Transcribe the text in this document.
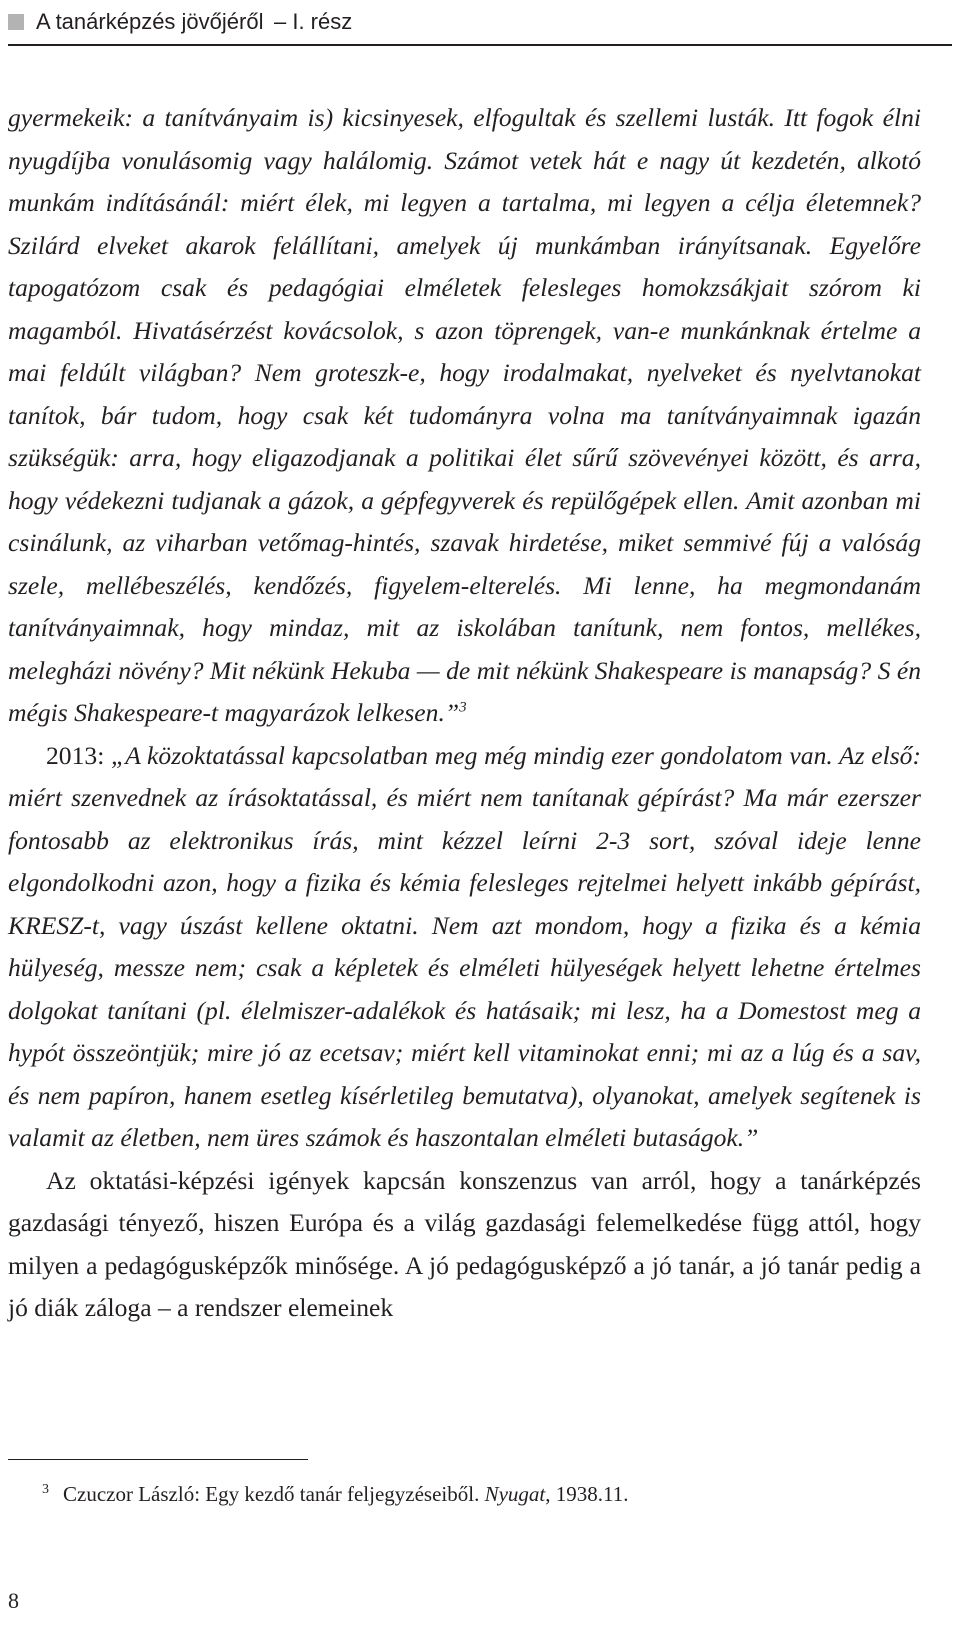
A tanárképzés jövőjéről  – I. rész

gyermekeik: a tanítványaim is) kicsinyesek, elfogultak és szellemi lusták. Itt fogok élni nyugdíjba vonulásomig vagy halálomig. Számot vetek hát e nagy út kezdetén, alkotó munkám indításánál: miért élek, mi legyen a tartalma, mi legyen a célja életemnek? Szilárd elveket akarok felállítani, amelyek új munkámban irányítsanak. Egyelőre tapogatózom csak és pedagógiai elméletek felesleges homokzsákjait szórom ki magamból. Hivatásérzést kovácsolok, s azon töprengek, van-e munkánknak értelme a mai feldúlt világban? Nem groteszk-e, hogy irodalmakat, nyelveket és nyelvtanokat tanítok, bár tudom, hogy csak két tudományra volna ma tanítványaimnak igazán szükségük: arra, hogy eligazodjanak a politikai élet sűrű szövevényei között, és arra, hogy védekezni tudjanak a gázok, a gépfegyverek és repülőgépek ellen. Amit azonban mi csinálunk, az viharban vetőmag-hintés, szavak hirdetése, miket semmivé fúj a valóság szele, mellébeszélés, kendőzés, figyelem-elterelés. Mi lenne, ha megmondanám tanítványaimnak, hogy mindaz, mit az iskolában tanítunk, nem fontos, mellékes, melegházi növény? Mit nékünk Hekuba — de mit nékünk Shakespeare is manapság? S én mégis Shakespeare-t magyarázok lelkesen.”$^3$

2013: „A közoktatással kapcsolatban meg még mindig ezer gondolatom van. Az első: miért szenvednek az írásoktatással, és miért nem tanítanak gépírást? Ma már ezerszer fontosabb az elektronikus írás, mint kézzel leírni 2-3 sort, szóval ideje lenne elgondolkodni azon, hogy a fizika és kémia felesleges rejtelmei helyett inkább gépírást, KRESZ-t, vagy úszást kellene oktatni. Nem azt mondom, hogy a fizika és a kémia hülyeség, messze nem; csak a képletek és elméleti hülyeségek helyett lehetne értelmes dolgokat tanítani (pl. élelmiszer-adalékok és hatásaik; mi lesz, ha a Domestost meg a hypót összeöntjük; mire jó az ecetsav; miért kell vitaminokat enni; mi az a lúg és a sav, és nem papíron, hanem esetleg kísérletileg bemutatva), olyanokat, amelyek segítenek is valamit az életben, nem üres számok és haszontalan elméleti butaságok.”

Az oktatási-képzési igények kapcsán konszenzus van arról, hogy a tanárképzés gazdasági tényező, hiszen Európa és a világ gazdasági felemelkedése függ attól, hogy milyen a pedagógusképzők minősége. A jó pedagógusképző a jó tanár, a jó tanár pedig a jó diák záloga – a rendszer elemeinek

$^3$ Czuczor László: Egy kezdő tanár feljegyzéseiből. Nyugat, 1938.11.
8
